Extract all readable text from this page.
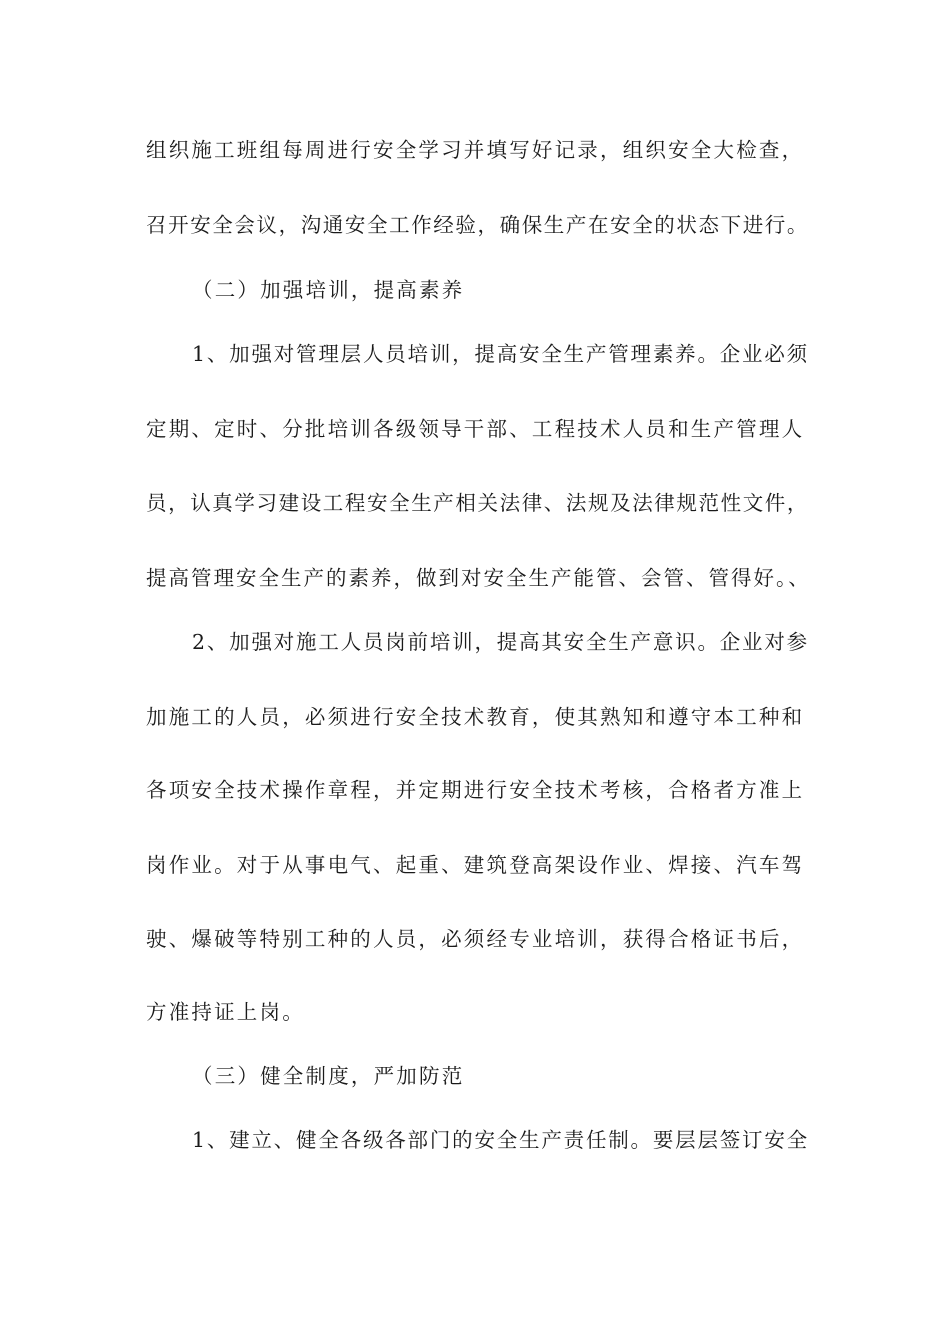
组织施工班组每周进行安全学习并填写好记录，组织安全大检查，
召开安全会议，沟通安全工作经验，确保生产在安全的状态下进行。
（二）加强培训，提高素养
1、加强对管理层人员培训，提高安全生产管理素养。企业必须
定期、定时、分批培训各级领导干部、工程技术人员和生产管理人
员，认真学习建设工程安全生产相关法律、法规及法律规范性文件，
提高管理安全生产的素养，做到对安全生产能管、会管、管得好。、
2、加强对施工人员岗前培训，提高其安全生产意识。企业对参
加施工的人员，必须进行安全技术教育，使其熟知和遵守本工种和
各项安全技术操作章程，并定期进行安全技术考核，合格者方准上
岗作业。对于从事电气、起重、建筑登高架设作业、焊接、汽车驾
驶、爆破等特别工种的人员，必须经专业培训，获得合格证书后，
方准持证上岗。
（三）健全制度，严加防范
1、建立、健全各级各部门的安全生产责任制。要层层签订安全
